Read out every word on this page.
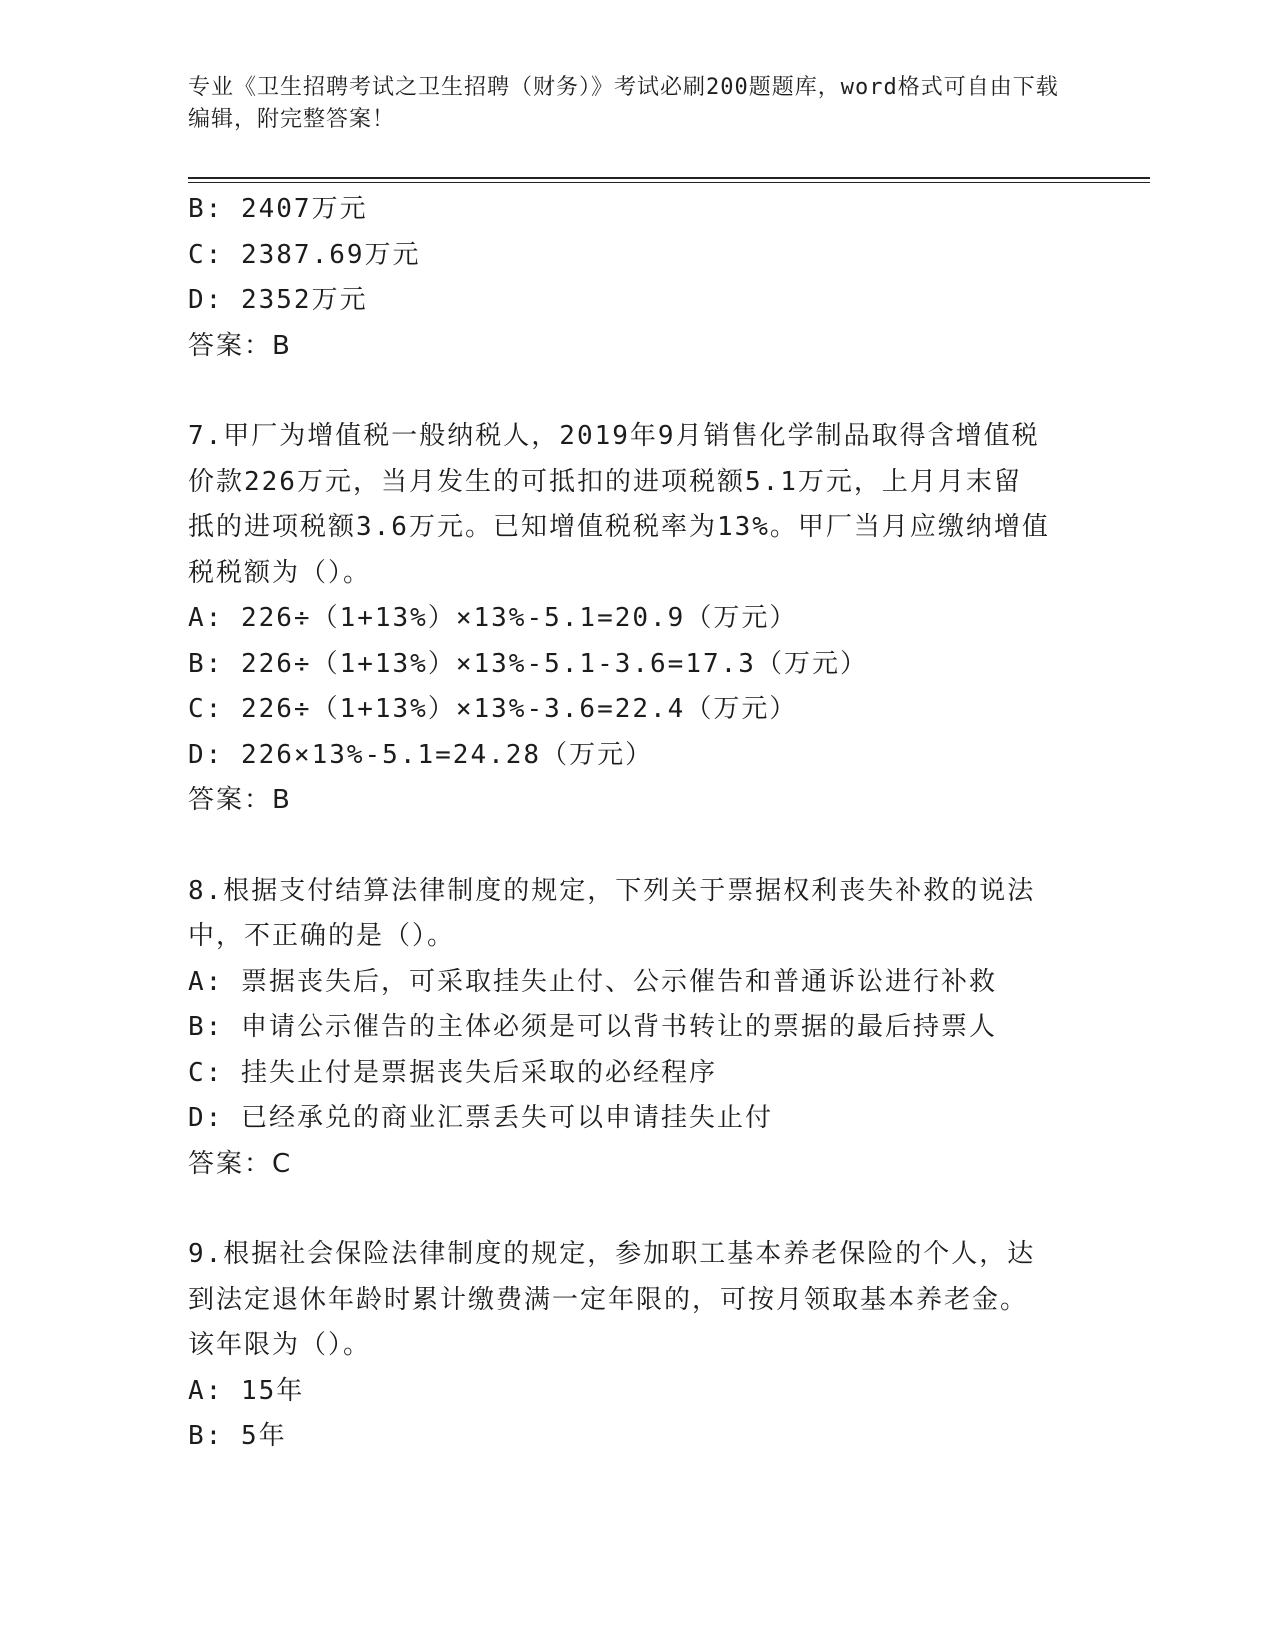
专业《卫生招聘考试之卫生招聘（财务）》考试必刷200题题库，word格式可自由下载编辑，附完整答案！
B: 2407万元
C: 2387.69万元
D: 2352万元
答案：B
7.甲厂为增值税一般纳税人，2019年9月销售化学制品取得含增值税
价款226万元，当月发生的可抵扣的进项税额5.1万元，上月月末留
抵的进项税额3.6万元。已知增值税税率为13%。甲厂当月应缴纳增值
税税额为（）。
A: 226÷（1+13%）×13%-5.1=20.9（万元）
B: 226÷（1+13%）×13%-5.1-3.6=17.3（万元）
C: 226÷（1+13%）×13%-3.6=22.4（万元）
D: 226×13%-5.1=24.28（万元）
答案：B
8.根据支付结算法律制度的规定，下列关于票据权利丧失补救的说法
中，不正确的是（）。
A: 票据丧失后，可采取挂失止付、公示催告和普通诉讼进行补救
B: 申请公示催告的主体必须是可以背书转让的票据的最后持票人
C: 挂失止付是票据丧失后采取的必经程序
D: 已经承兑的商业汇票丢失可以申请挂失止付
答案：C
9.根据社会保险法律制度的规定，参加职工基本养老保险的个人，达
到法定退休年龄时累计缴费满一定年限的，可按月领取基本养老金。
该年限为（）。
A: 15年
B: 5年
